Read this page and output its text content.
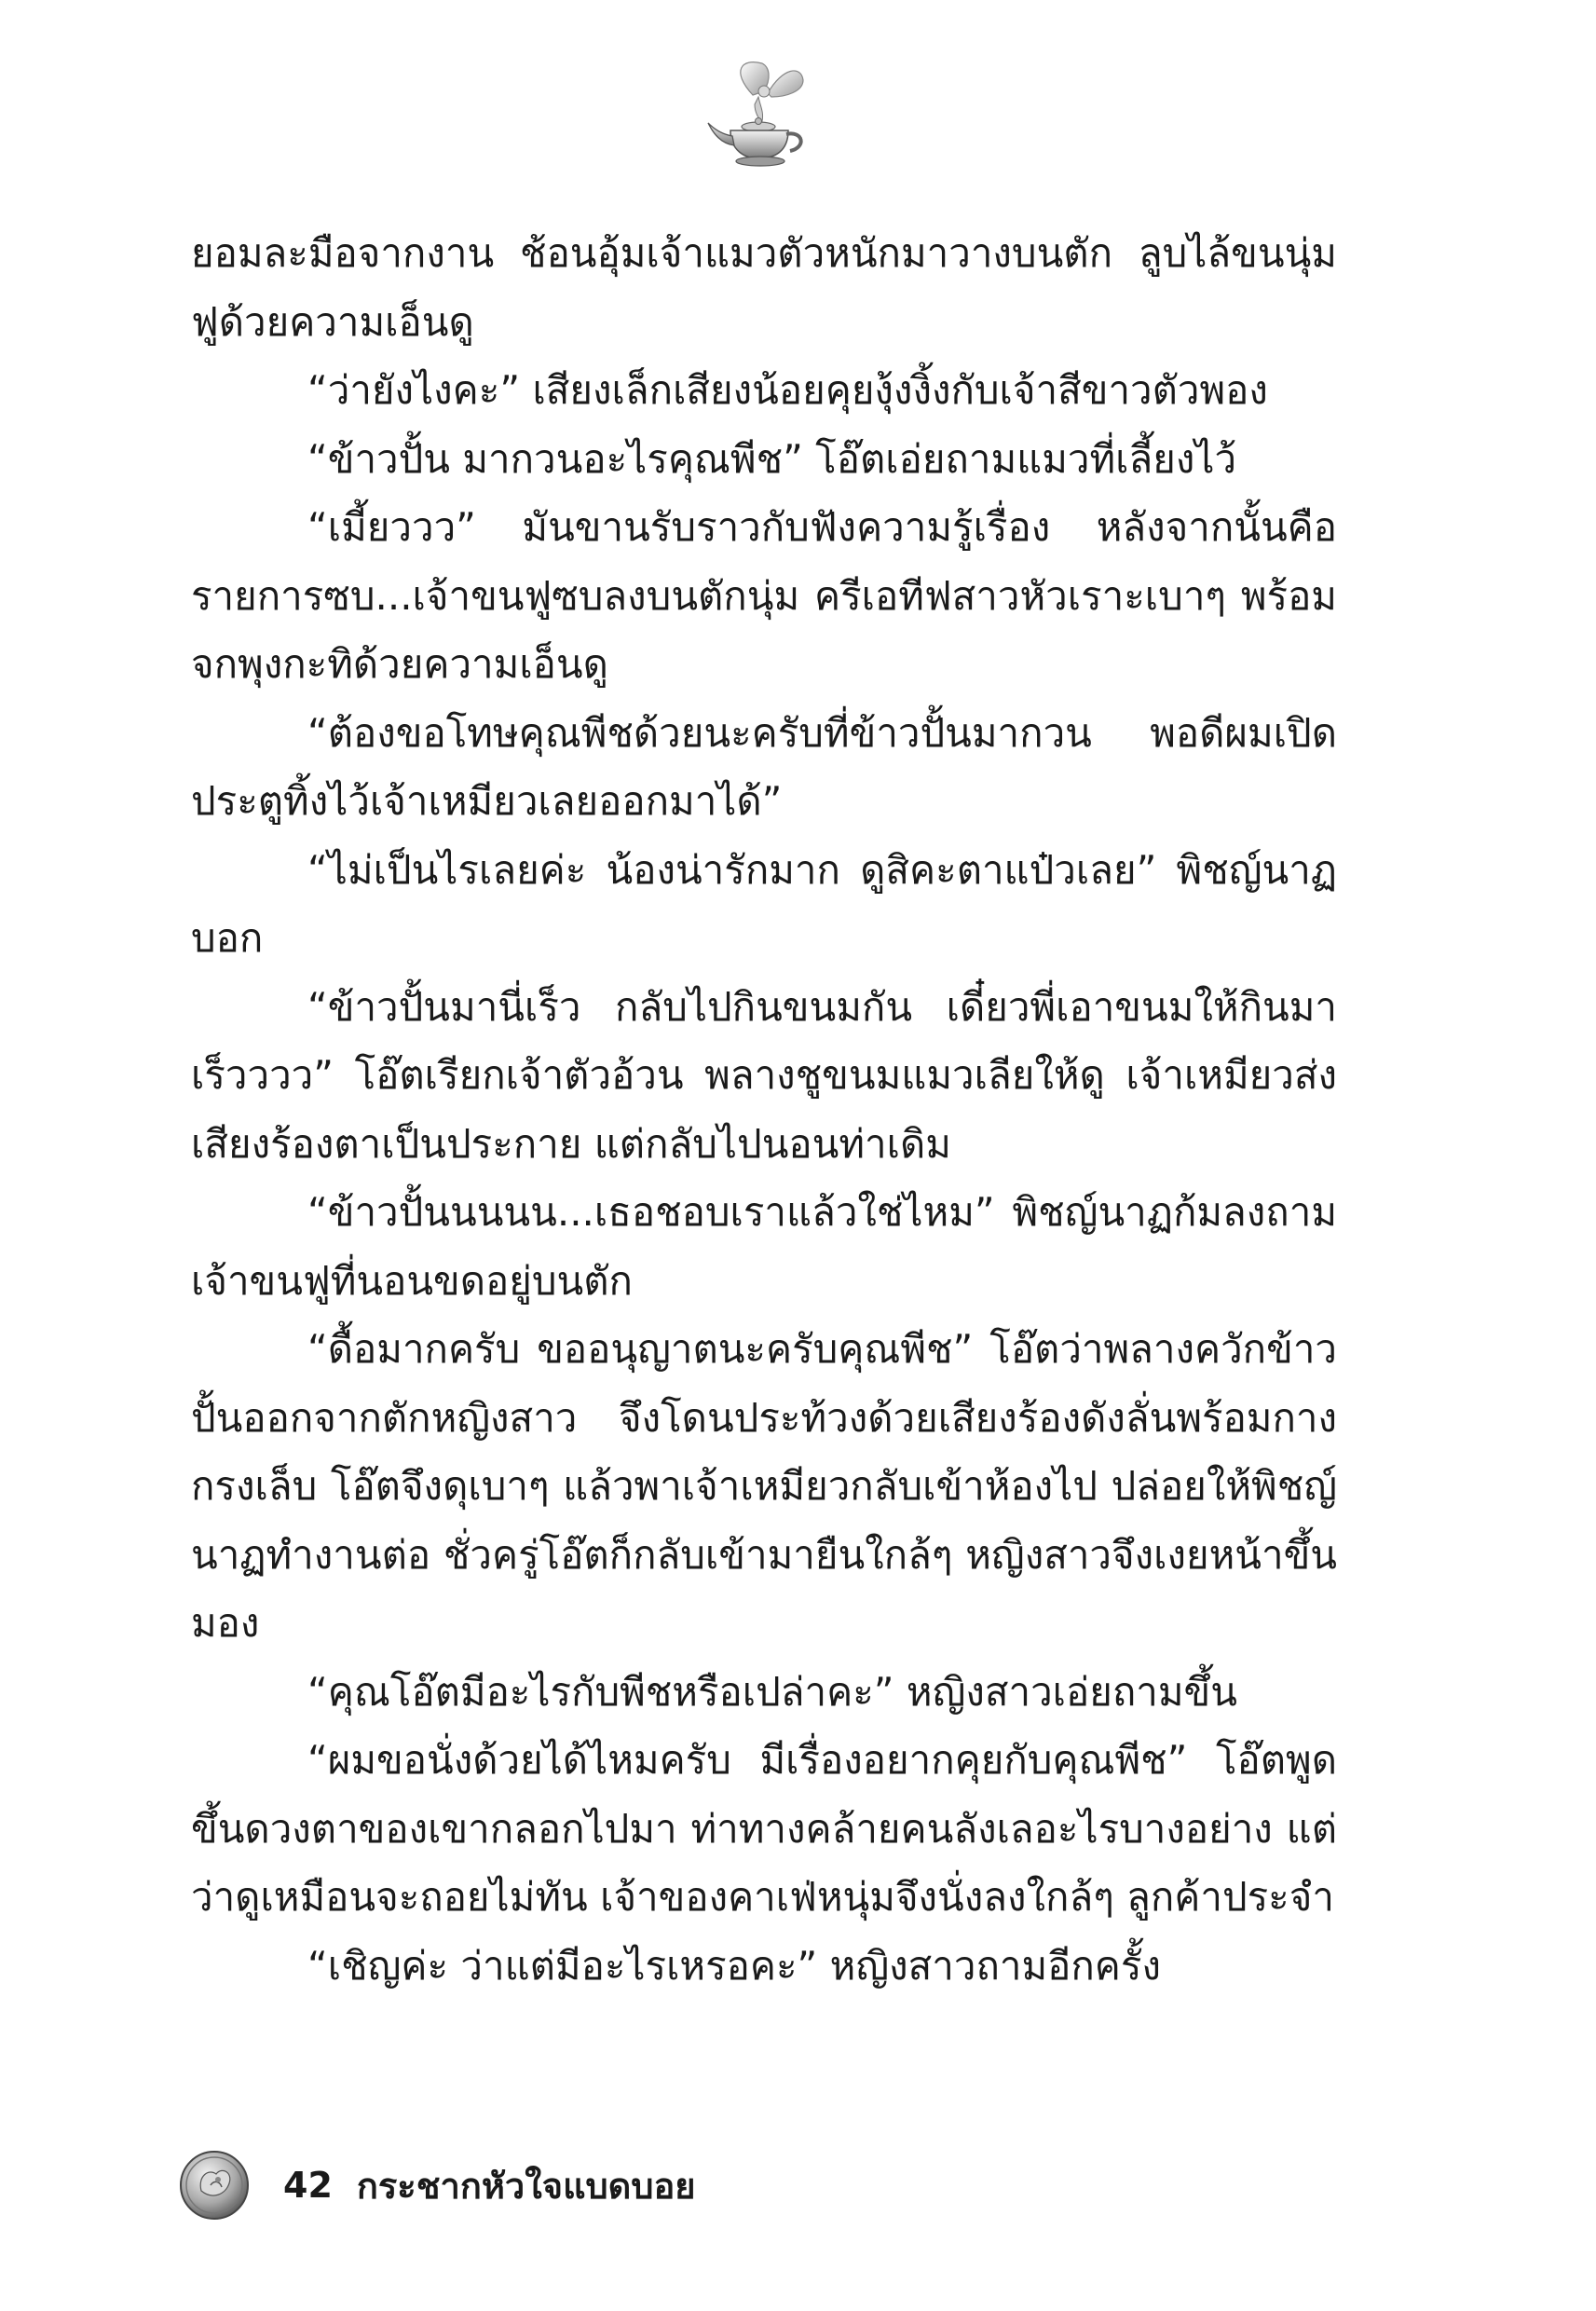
ยอมละมือจากงาน ช้อนอุ้มเจ้าแมวตัวหนักมาวางบนตัก ลูบไล้ขนนุ่มฟูด้วยความเอ็นดู

“ว่ายังไงคะ” เสียงเล็กเสียงน้อยคุยงุ้งงิ้งกับเจ้าสีขาวตัวพอง

“ข้าวปั้น มากวนอะไรคุณพีช” โอ๊ตเอ่ยถามแมวที่เลี้ยงไว้

“เมี้ยววว” มันขานรับราวกับฟังความรู้เรื่อง หลังจากนั้นคือรายการซบ...เจ้าขนฟูซบลงบนตักนุ่ม ครีเอทีฟสาวหัวเราะเบาๆ พร้อมจกพุงกะทิด้วยความเอ็นดู

“ต้องขอโทษคุณพีชด้วยนะครับที่ข้าวปั้นมากวน พอดีผมเปิดประตูทิ้งไว้เจ้าเหมียวเลยออกมาได้”

“ไม่เป็นไรเลยค่ะ น้องน่ารักมาก ดูสิคะตาแป๋วเลย” พิชญ์นาฏบอก

“ข้าวปั้นมานี่เร็ว กลับไปกินขนมกัน เดี๋ยวพี่เอาขนมให้กินมาเร็วววว” โอ๊ตเรียกเจ้าตัวอ้วน พลางชูขนมแมวเลียให้ดู เจ้าเหมียวส่งเสียงร้องตาเป็นประกาย แต่กลับไปนอนท่าเดิม

“ข้าวปั้นนนนน...เธอชอบเราแล้วใช่ไหม” พิชญ์นาฏก้มลงถามเจ้าขนฟูที่นอนขดอยู่บนตัก

“ดื้อมากครับ ขออนุญาตนะครับคุณพีช” โอ๊ตว่าพลางควักข้าวปั้นออกจากตักหญิงสาว จึงโดนประท้วงด้วยเสียงร้องดังลั่นพร้อมกางกรงเล็บ โอ๊ตจึงดุเบาๆ แล้วพาเจ้าเหมียวกลับเข้าห้องไป ปล่อยให้พิชญ์นาฏทำงานต่อ ชั่วครู่โอ๊ตก็กลับเข้ามายืนใกล้ๆ หญิงสาวจึงเงยหน้าขึ้นมอง

“คุณโอ๊ตมีอะไรกับพีชหรือเปล่าคะ” หญิงสาวเอ่ยถามขึ้น

“ผมขอนั่งด้วยได้ไหมครับ มีเรื่องอยากคุยกับคุณพีช” โอ๊ตพูดขึ้นดวงตาของเขากลอกไปมา ท่าทางคล้ายคนลังเลอะไรบางอย่าง แต่ว่าดูเหมือนจะถอยไม่ทัน เจ้าของคาเฟ่หนุ่มจึงนั่งลงใกล้ๆ ลูกค้าประจำ

“เชิญค่ะ ว่าแต่มีอะไรเหรอคะ” หญิงสาวถามอีกครั้ง

42 กระชากหัวใจแบดบอย
